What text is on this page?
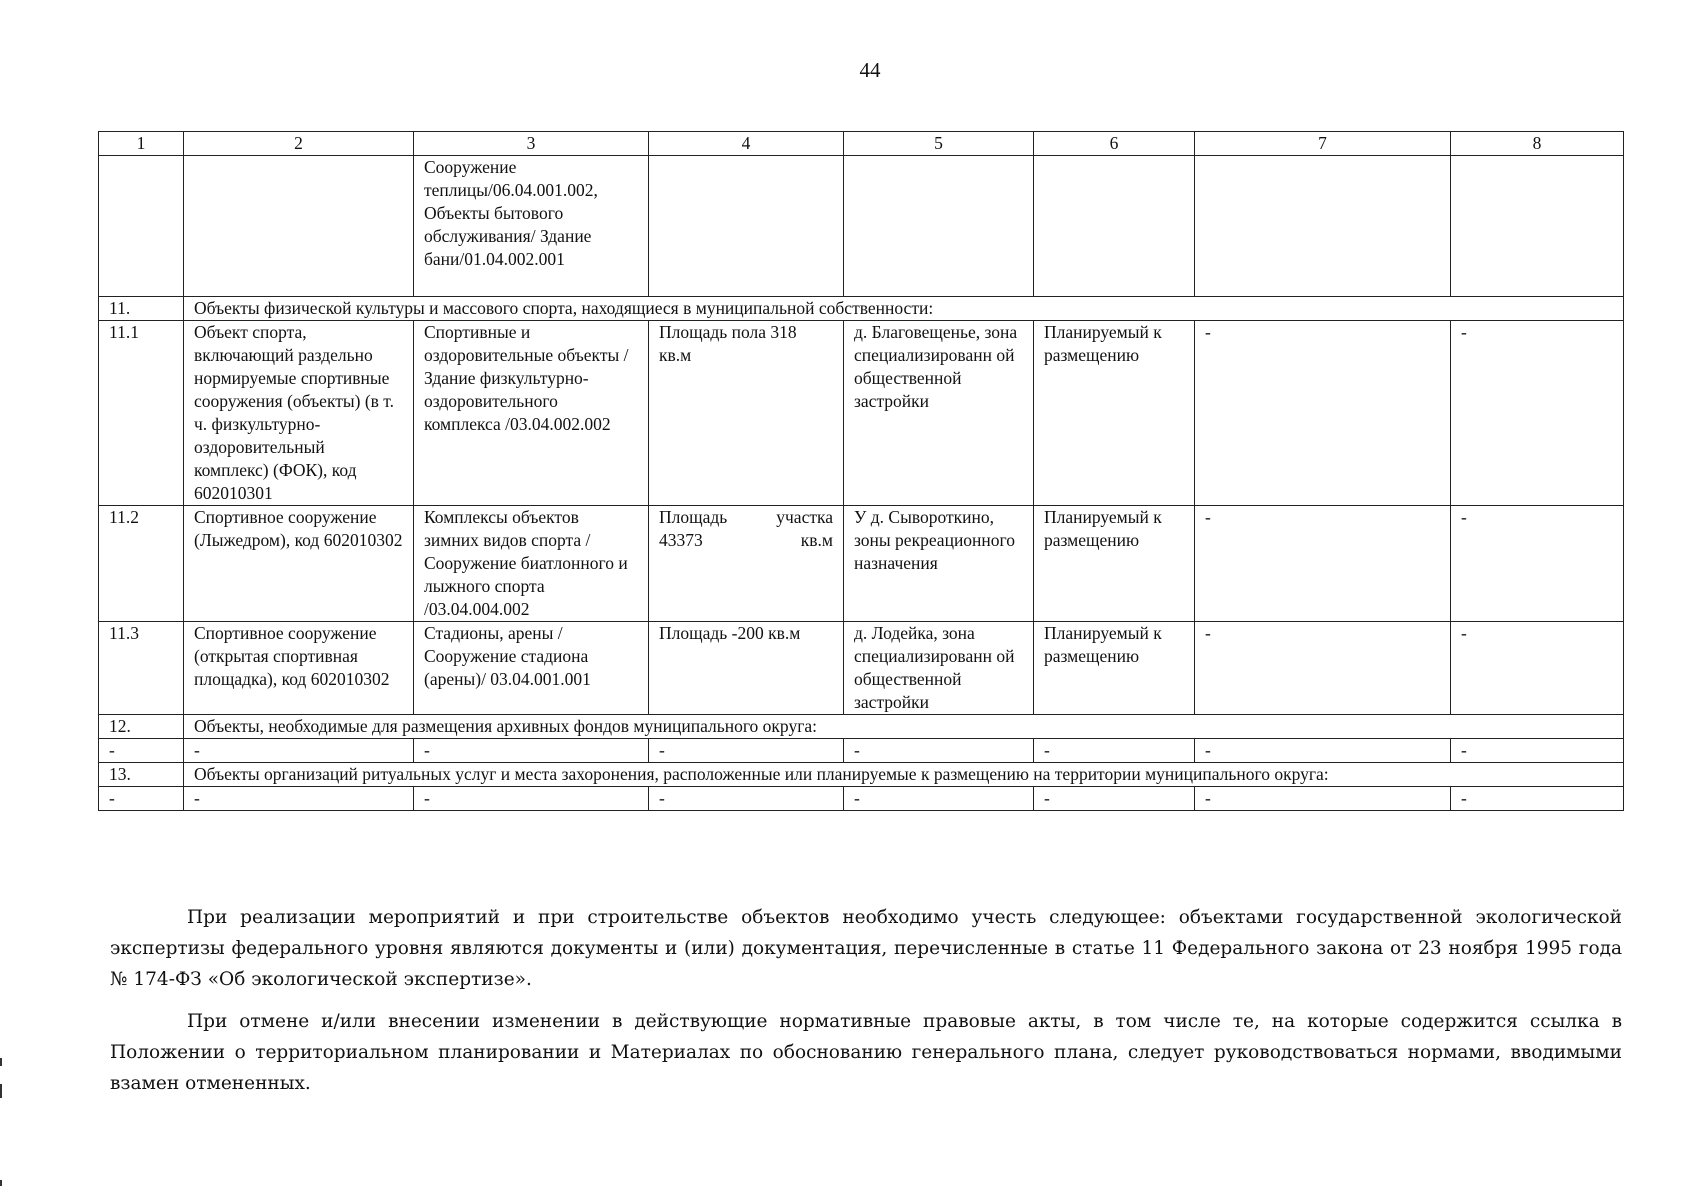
44
1	2	3	4	5	6	7	8
		Сооружение теплицы/06.04.001.002, Объекты бытового обслуживания/ Здание бани/01.04.002.001					
11.	Объекты физической культуры и массового спорта, находящиеся в муниципальной собственности:						
11.1	Объект спорта, включающий раздельно нормируемые спортивные сооружения (объекты) (в т. ч. физкультурно-оздоровительный комплекс) (ФОК), код 602010301	Спортивные и оздоровительные объекты / Здание физкультурно-оздоровительного комплекса /03.04.002.002	Площадь пола 318 кв.м	д. Благовещенье, зона специализированн ой общественной застройки	Планируемый к размещению	-	-
11.2	Спортивное сооружение (Лыжедром), код 602010302	Комплексы объектов зимних видов спорта / Сооружение биатлонного и лыжного спорта /03.04.004.002	Площадь участка 43373 кв.м	У д. Сывороткино, зоны рекреационного назначения	Планируемый к размещению	-	-
11.3	Спортивное сооружение (открытая спортивная площадка), код 602010302	Стадионы, арены / Сооружение стадиона (арены)/ 03.04.001.001	Площадь -200 кв.м	д. Лодейка, зона специализированн ой общественной застройки	Планируемый к размещению	-	-
12.	Объекты, необходимые для размещения архивных фондов муниципального округа:						
-	-	-	-	-	-	-	-
13.	Объекты организаций ритуальных услуг и места захоронения, расположенные или планируемые к размещению на территории муниципального округа:						
-	-	-	-	-	-	-	-

При реализации мероприятий и при строительстве объектов необходимо учесть следующее: объектами государственной экологической экспертизы федерального уровня являются документы и (или) документация, перечисленные в статье 11 Федерального закона от 23 ноября 1995 года № 174-ФЗ «Об экологической экспертизе».

При отмене и/или внесении изменении в действующие нормативные правовые акты, в том числе те, на которые содержится ссылка в Положении о территориальном планировании и Материалах по обоснованию генерального плана, следует руководствоваться нормами, вводимыми взамен отмененных.
